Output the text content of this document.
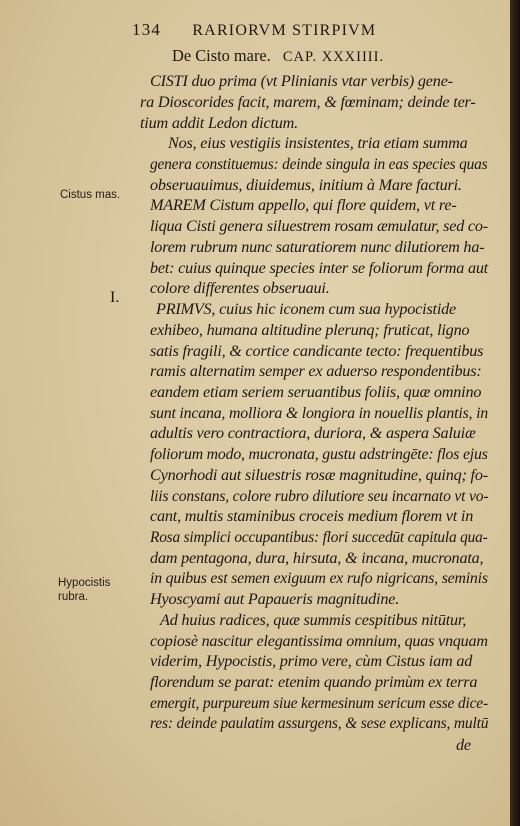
134 RARIORVM STIRPIVM
De Cisto mare. CAP. XXXIIII.
Cistus mas.
I.
Hypocistis
rubra.
CISTI duo prima (vt Plinianis vtar verbis) gene-
ra Dioscorides facit, marem, & fœminam; deinde ter-
tium addit Ledon dictum.
Nos, eius vestigiis insistentes, tria etiam summa
genera constituemus: deinde singula in eas species quas
obseruauimus, diuidemus, initium à Mare facturi.
MAREM Cistum appello, qui flore quidem, vt re-
liqua Cisti genera siluestrem rosam æmulatur, sed co-
lorem rubrum nunc saturatiorem nunc dilutiorem ha-
bet: cuius quinque species inter se foliorum forma aut
colore differentes obseruaui.
PRIMVS, cuius hic iconem cum sua hypocistide
exhibeo, humana altitudine plerunq; fruticat, ligno
satis fragili, & cortice candicante tecto: frequentibus
ramis alternatim semper ex aduerso respondentibus:
eandem etiam seriem seruantibus foliis, quæ omnino
sunt incana, molliora & longiora in nouellis plantis, in
adultis vero contractiora, duriora, & aspera Saluiæ
foliorum modo, mucronata, gustu adstringēte: flos ejus
Cynorhodi aut siluestris rosæ magnitudine, quinq; fo-
liis constans, colore rubro dilutiore seu incarnato vt vo-
cant, multis staminibus croceis medium florem vt in
Rosa simplici occupantibus: flori succedūt capitula qua-
dam pentagona, dura, hirsuta, & incana, mucronata,
in quibus est semen exiguum ex rufo nigricans, seminis
Hyoscyami aut Papaueris magnitudine.
Ad huius radices, quæ summis cespitibus nitūtur,
copiosè nascitur elegantissima omnium, quas vnquam
viderim, Hypocistis, primo vere, cùm Cistus iam ad
florendum se parat: etenim quando primùm ex terra
emergit, purpureum siue kermesinum sericum esse dice-
res: deinde paulatim assurgens, & sese explicans, multū
de
